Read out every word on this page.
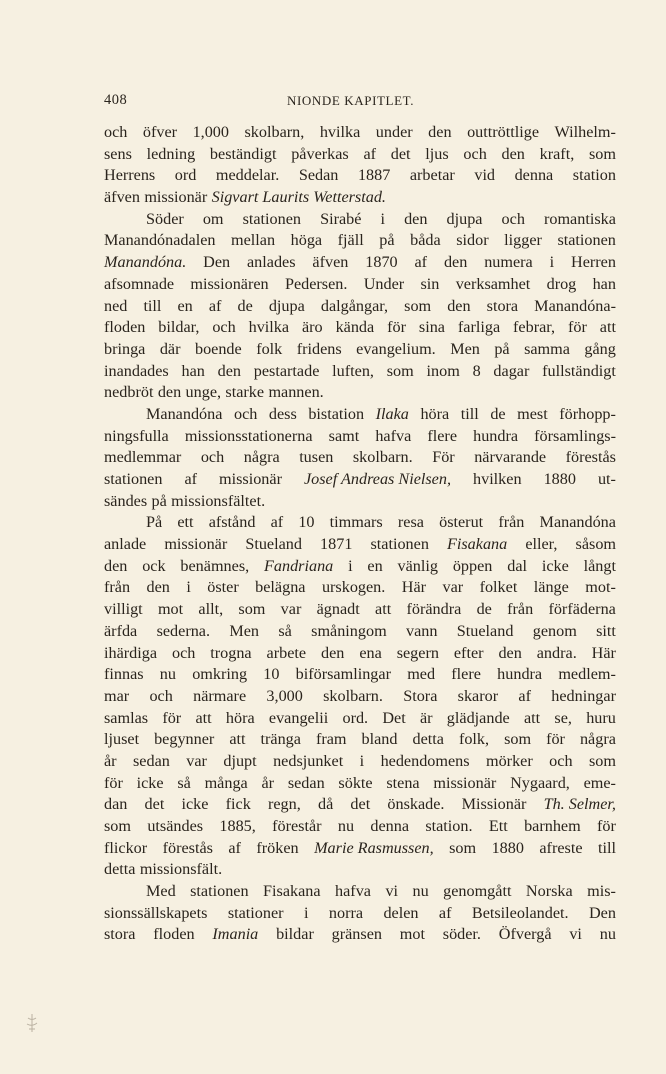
408	NIONDE KAPITLET.
och öfver 1,000 skolbarn, hvilka under den outtröttlige Wilhelm-
sens ledning beständigt påverkas af det ljus och den kraft, som
Herrens ord meddelar. Sedan 1887 arbetar vid denna station
äfven missionär Sigvart Laurits Wetterstad.
Söder om stationen Sirabé i den djupa och romantiska
Manandónadalen mellan höga fjäll på båda sidor ligger stationen
Manandóna. Den anlades äfven 1870 af den numera i Herren
afsomnade missionären Pedersen. Under sin verksamhet drog han
ned till en af de djupa dalgångar, som den stora Manandóna-
floden bildar, och hvilka äro kända för sina farliga febrar, för att
bringa där boende folk fridens evangelium. Men på samma gång
inandades han den pestartade luften, som inom 8 dagar fullständigt
nedbröt den unge, starke mannen.
Manandóna och dess bistation Ilaka höra till de mest förhopp-
ningsfulla missionsstationerna samt hafva flere hundra församlings-
medlemmar och några tusen skolbarn. För närvarande förestås
stationen af missionär Josef Andreas Nielsen, hvilken 1880 ut-
sändes på missionsfältet.
På ett afstånd af 10 timmars resa österut från Manandóna
anlade missionär Stueland 1871 stationen Fisakana eller, såsom
den ock benämnes, Fandriana i en vänlig öppen dal icke långt
från den i öster belägna urskogen. Här var folket länge mot-
villigt mot allt, som var ägnadt att förändra de från förfäderna
ärfda sederna. Men så småningom vann Stueland genom sitt
ihärdiga och trogna arbete den ena segern efter den andra. Här
finnas nu omkring 10 biförsamlingar med flere hundra medlem-
mar och närmare 3,000 skolbarn. Stora skaror af hedningar
samlas för att höra evangelii ord. Det är glädjande att se, huru
ljuset begynner att tränga fram bland detta folk, som för några
år sedan var djupt nedsjunket i hedendomens mörker och som
för icke så många år sedan sökte stena missionär Nygaard, eme-
dan det icke fick regn, då det önskade. Missionär Th. Selmer,
som utsändes 1885, förestår nu denna station. Ett barnhem för
flickor förestås af fröken Marie Rasmussen, som 1880 afreste till
detta missionsfält.
Med stationen Fisakana hafva vi nu genomgått Norska mis-
sionssällskapets stationer i norra delen af Betsileolandet. Den
stora floden Imania bildar gränsen mot söder. Öfvergå vi nu
